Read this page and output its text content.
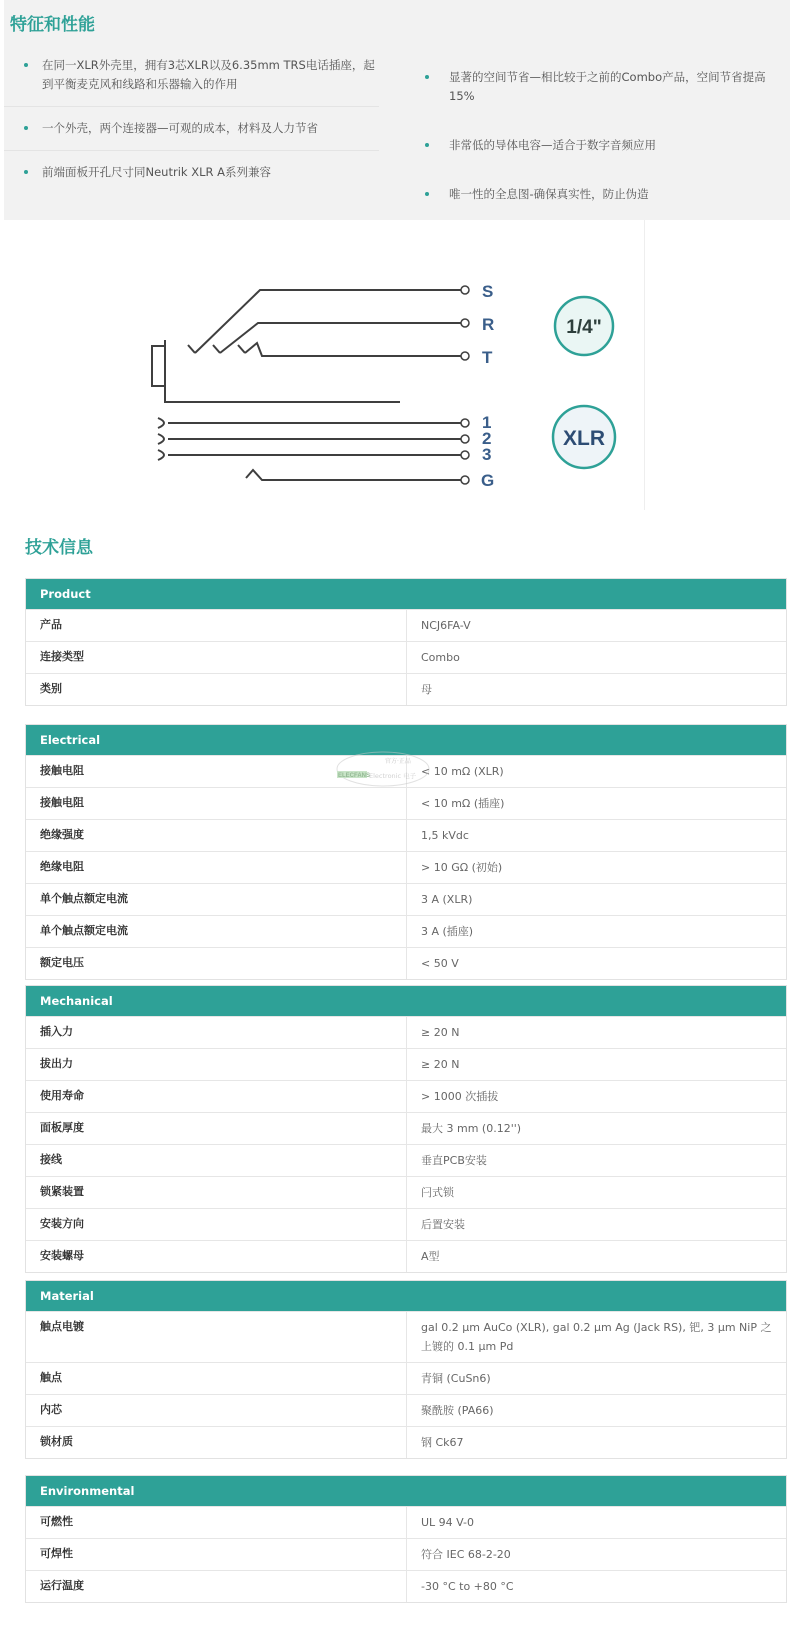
特征和性能
在同一XLR外壳里，拥有3芯XLR以及6.35mm TRS电话插座，起到平衡麦克风和线路和乐器输入的作用
一个外壳，两个连接器—可观的成本，材料及人力节省
前端面板开孔尺寸同Neutrik XLR A系列兼容
显著的空间节省—相比较于之前的Combo产品，空间节省提高15%
非常低的导体电容—适合于数字音频应用
唯一性的全息图-确保真实性，防止伪造
S
R
T
1
2
3
G
1/4"
XLR
技术信息
Product
产品	NCJ6FA-V
连接类型	Combo
类别	母
Electrical
接触电阻	< 10 mΩ (XLR)
接触电阻	< 10 mΩ (插座)
绝缘强度	1,5 kVdc
绝缘电阻	> 10 GΩ (初始)
单个触点额定电流	3 A (XLR)
单个触点额定电流	3 A (插座)
额定电压	< 50 V
Mechanical
插入力	≥ 20 N
拔出力	≥ 20 N
使用寿命	> 1000 次插拔
面板厚度	最大 3 mm (0.12'')
接线	垂直PCB安装
锁紧装置	闩式锁
安装方向	后置安装
安装螺母	A型
Material
触点电镀	gal 0.2 µm AuCo (XLR), gal 0.2 µm Ag (Jack RS), 钯, 3 µm NiP 之上镀的 0.1 µm Pd
触点	青铜 (CuSn6)
内芯	聚酰胺 (PA66)
锁材质	钢 Ck67
Environmental
可燃性	UL 94 V-0
可焊性	符合 IEC 68-2-20
运行温度	-30 °C to +80 °C
ELECFANS
官方·正品
Electronic 电子
